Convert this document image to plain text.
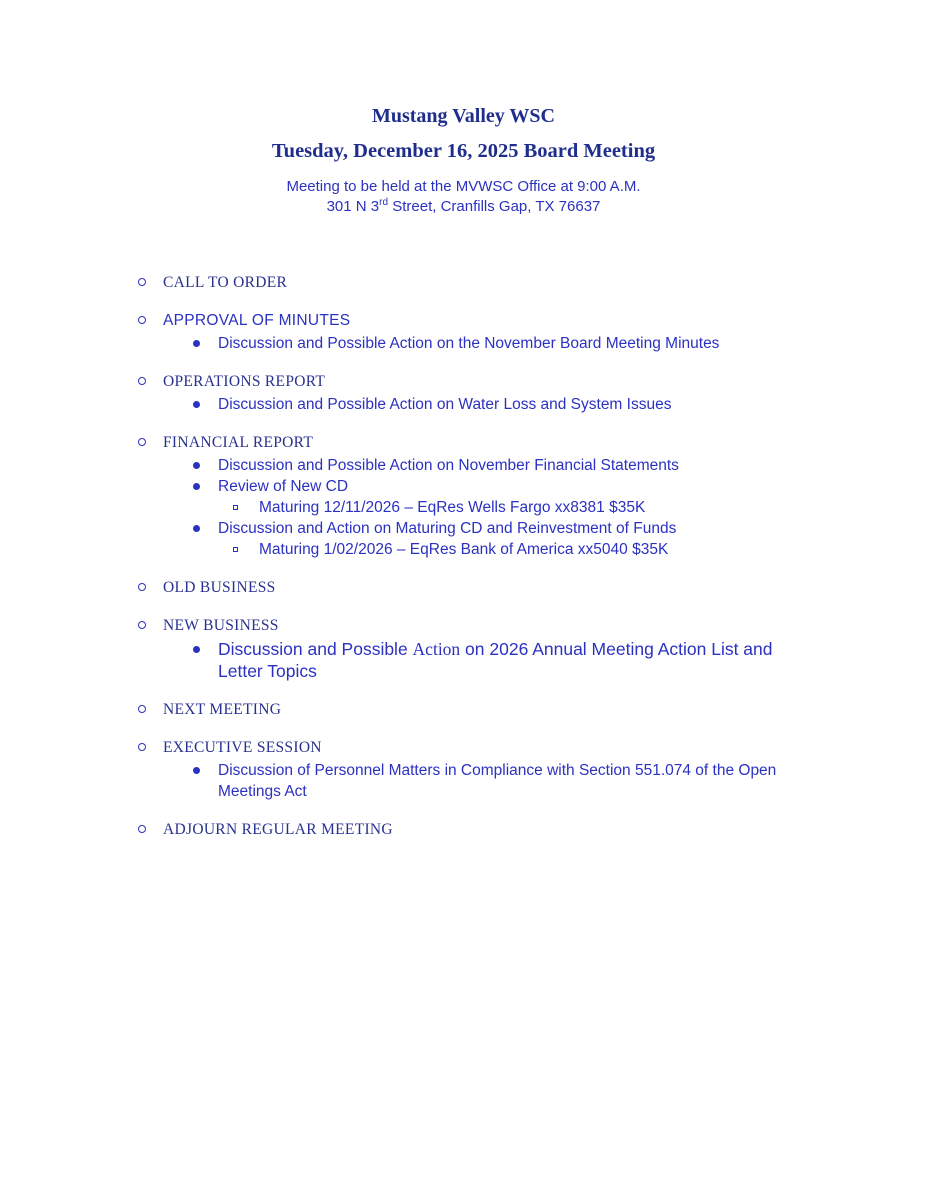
Mustang Valley WSC
Tuesday, December 16, 2025 Board Meeting
Meeting to be held at the MVWSC Office at 9:00 A.M.
301 N 3rd Street, Cranfills Gap, TX 76637
CALL TO ORDER
APPROVAL OF MINUTES
Discussion and Possible Action on the November Board Meeting Minutes
OPERATIONS REPORT
Discussion and Possible Action on Water Loss and System Issues
FINANCIAL REPORT
Discussion and Possible Action on November Financial Statements
Review of New CD
Maturing 12/11/2026 – EqRes Wells Fargo xx8381 $35K
Discussion and Action on Maturing CD and Reinvestment of Funds
Maturing 1/02/2026 – EqRes Bank of America xx5040 $35K
OLD BUSINESS
NEW BUSINESS
Discussion and Possible Action on 2026 Annual Meeting Action List and Letter Topics
NEXT MEETING
EXECUTIVE SESSION
Discussion of Personnel Matters in Compliance with Section 551.074 of the Open Meetings Act
ADJOURN REGULAR MEETING
